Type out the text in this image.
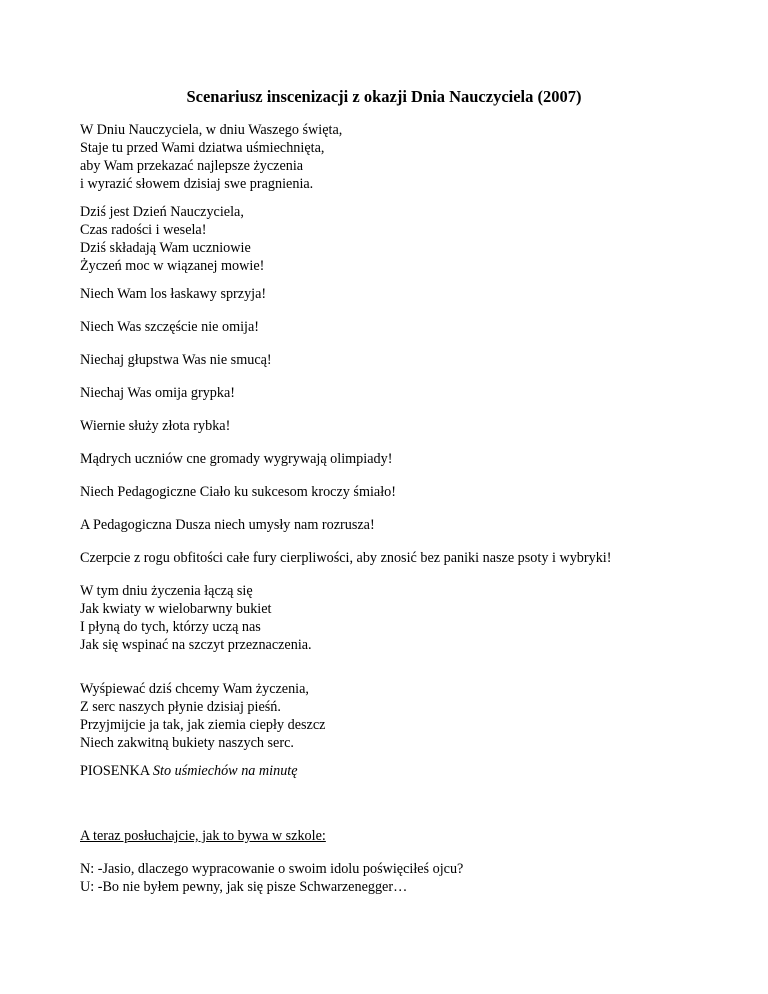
Scenariusz inscenizacji z okazji Dnia Nauczyciela (2007)
W Dniu Nauczyciela, w dniu Waszego święta,
Staje tu przed Wami dziatwa uśmiechnięta,
aby Wam przekazać najlepsze życzenia
i wyrazić słowem dzisiaj swe pragnienia.
Dziś jest Dzień Nauczyciela,
Czas radości i wesela!
Dziś składają Wam uczniowie
Życzeń moc w wiązanej mowie!
Niech Wam los łaskawy sprzyja!
Niech Was szczęście nie omija!
Niechaj głupstwa Was nie smucą!
Niechaj Was omija grypka!
Wiernie służy złota rybka!
Mądrych uczniów cne gromady wygrywają olimpiady!
Niech Pedagogiczne Ciało ku sukcesom kroczy śmiało!
A Pedagogiczna Dusza niech umysły nam rozrusza!
Czerpcie z rogu obfitości całe fury cierpliwości, aby znosić bez paniki nasze psoty i wybryki!
W tym dniu życzenia łączą się
Jak kwiaty w wielobarwny bukiet
I płyną do tych, którzy uczą nas
Jak się wspinać na szczyt przeznaczenia.
Wyśpiewać dziś chcemy Wam życzenia,
Z serc naszych płynie dzisiaj pieśń.
Przyjmijcie ja tak, jak ziemia ciepły deszcz
Niech zakwitną bukiety naszych serc.
PIOSENKA Sto uśmiechów na minutę
A teraz posłuchajcie, jak to bywa w szkole:
N: -Jasio, dlaczego wypracowanie o swoim idolu poświęciłeś ojcu?
U: -Bo nie byłem pewny, jak się pisze Schwarzenegger…
